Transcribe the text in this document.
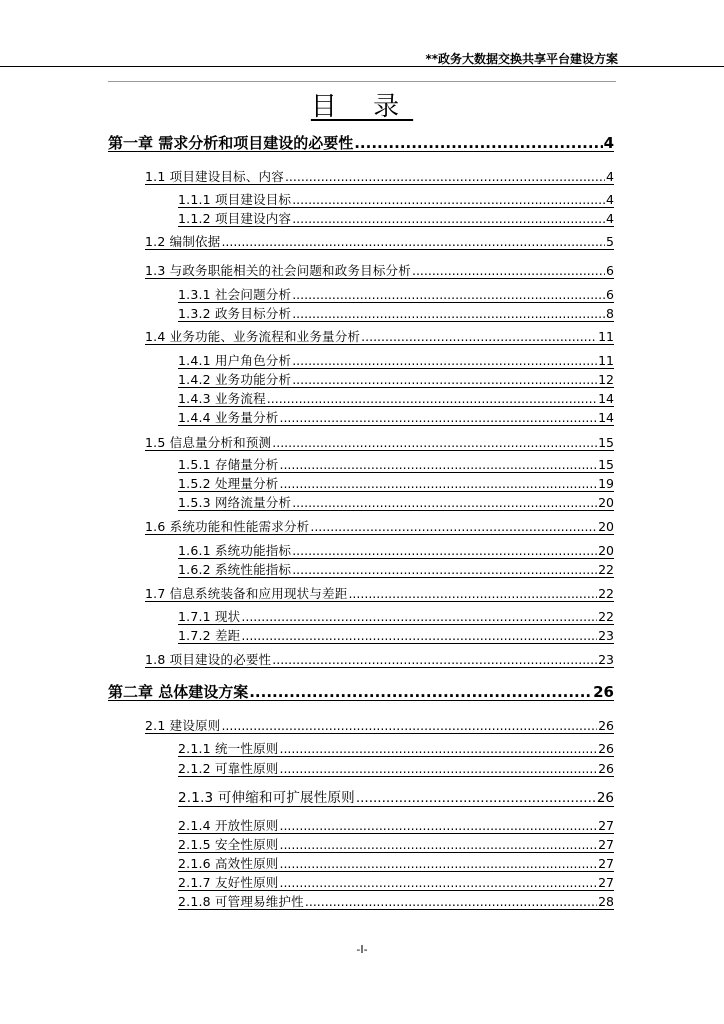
**政务大数据交换共享平台建设方案
目 录
第一章 需求分析和项目建设的必要性 .....	4
1.1 项目建设目标、内容 .....	4
1.1.1 项目建设目标 .....	4
1.1.2 项目建设内容 .....	4
1.2 编制依据 .....	5
1.3 与政务职能相关的社会问题和政务目标分析 .....	6
1.3.1 社会问题分析 .....	6
1.3.2 政务目标分析 .....	8
1.4 业务功能、业务流程和业务量分析 .....	11
1.4.1 用户角色分析 .....	11
1.4.2 业务功能分析 .....	12
1.4.3 业务流程 .....	14
1.4.4 业务量分析 .....	14
1.5 信息量分析和预测 .....	15
1.5.1 存储量分析 .....	15
1.5.2 处理量分析 .....	19
1.5.3 网络流量分析 .....	20
1.6 系统功能和性能需求分析 .....	20
1.6.1 系统功能指标 .....	20
1.6.2 系统性能指标 .....	22
1.7 信息系统装备和应用现状与差距 .....	22
1.7.1 现状 .....	22
1.7.2 差距 .....	23
1.8 项目建设的必要性 .....	23
第二章 总体建设方案 .....	26
2.1 建设原则 .....	26
2.1.1 统一性原则 .....	26
2.1.2 可靠性原则 .....	26
2.1.3 可伸缩和可扩展性原则 .....	26
2.1.4 开放性原则 .....	27
2.1.5 安全性原则 .....	27
2.1.6 高效性原则 .....	27
2.1.7 友好性原则 .....	27
2.1.8 可管理易维护性 .....	28
-I-
